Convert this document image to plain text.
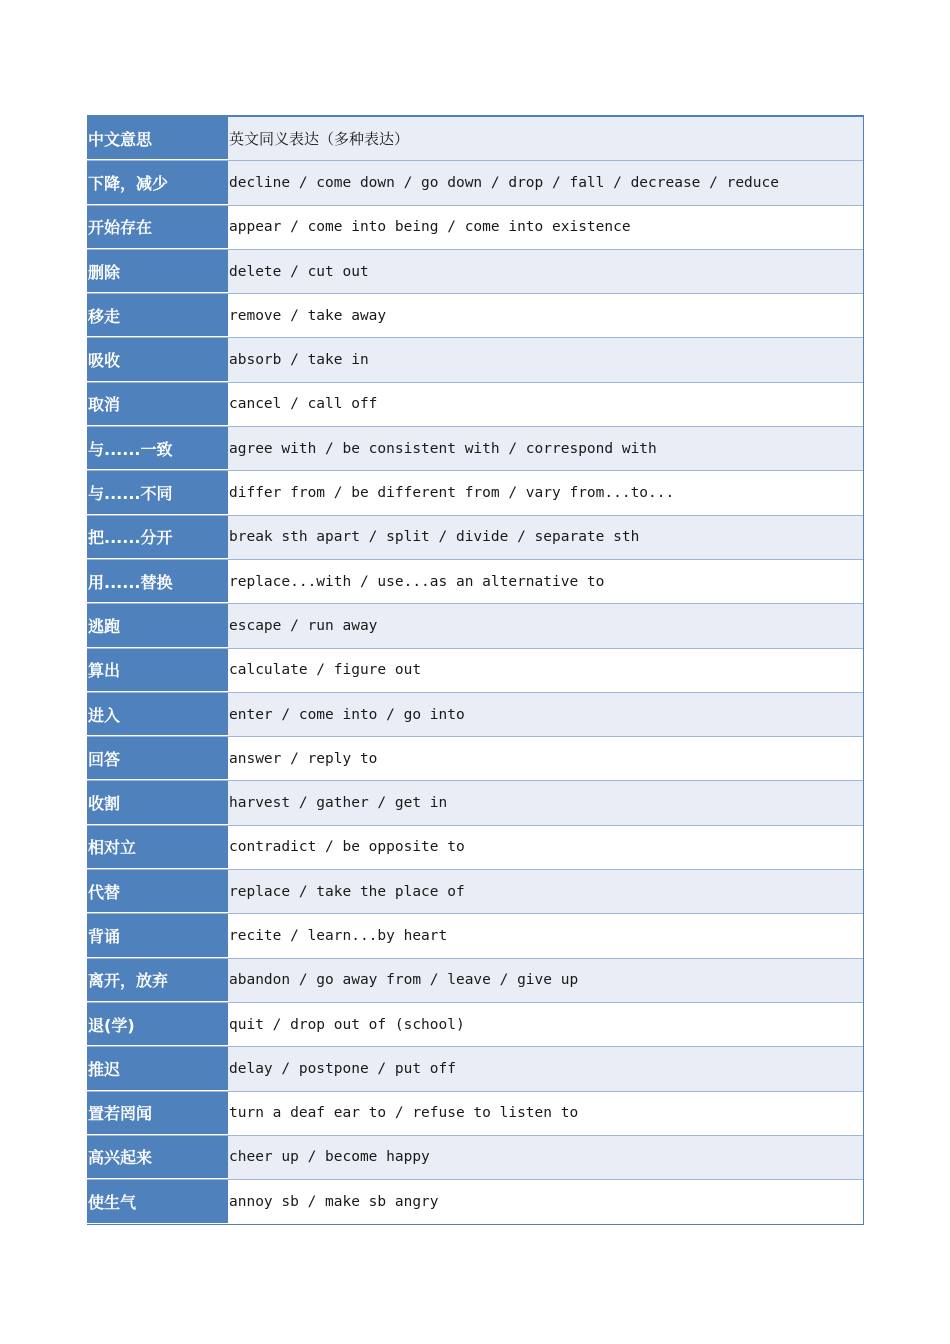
中文意思	英文同义表达（多种表达）
下降，减少	decline / come down / go down / drop / fall / decrease / reduce
开始存在	appear / come into being / come into existence
删除	delete / cut out
移走	remove / take away
吸收	absorb / take in
取消	cancel / call off
与......一致	agree with / be consistent with / correspond with
与......不同	differ from / be different from / vary from...to...
把......分开	break sth apart / split / divide / separate sth
用......替换	replace...with / use...as an alternative to
逃跑	escape / run away
算出	calculate / figure out
进入	enter / come into / go into
回答	answer / reply to
收割	harvest / gather / get in
相对立	contradict / be opposite to
代替	replace / take the place of
背诵	recite / learn...by heart
离开，放弃	abandon / go away from / leave / give up
退(学)	quit / drop out of (school)
推迟	delay / postpone / put off
置若罔闻	turn a deaf ear to / refuse to listen to
高兴起来	cheer up / become happy
使生气	annoy sb / make sb angry
